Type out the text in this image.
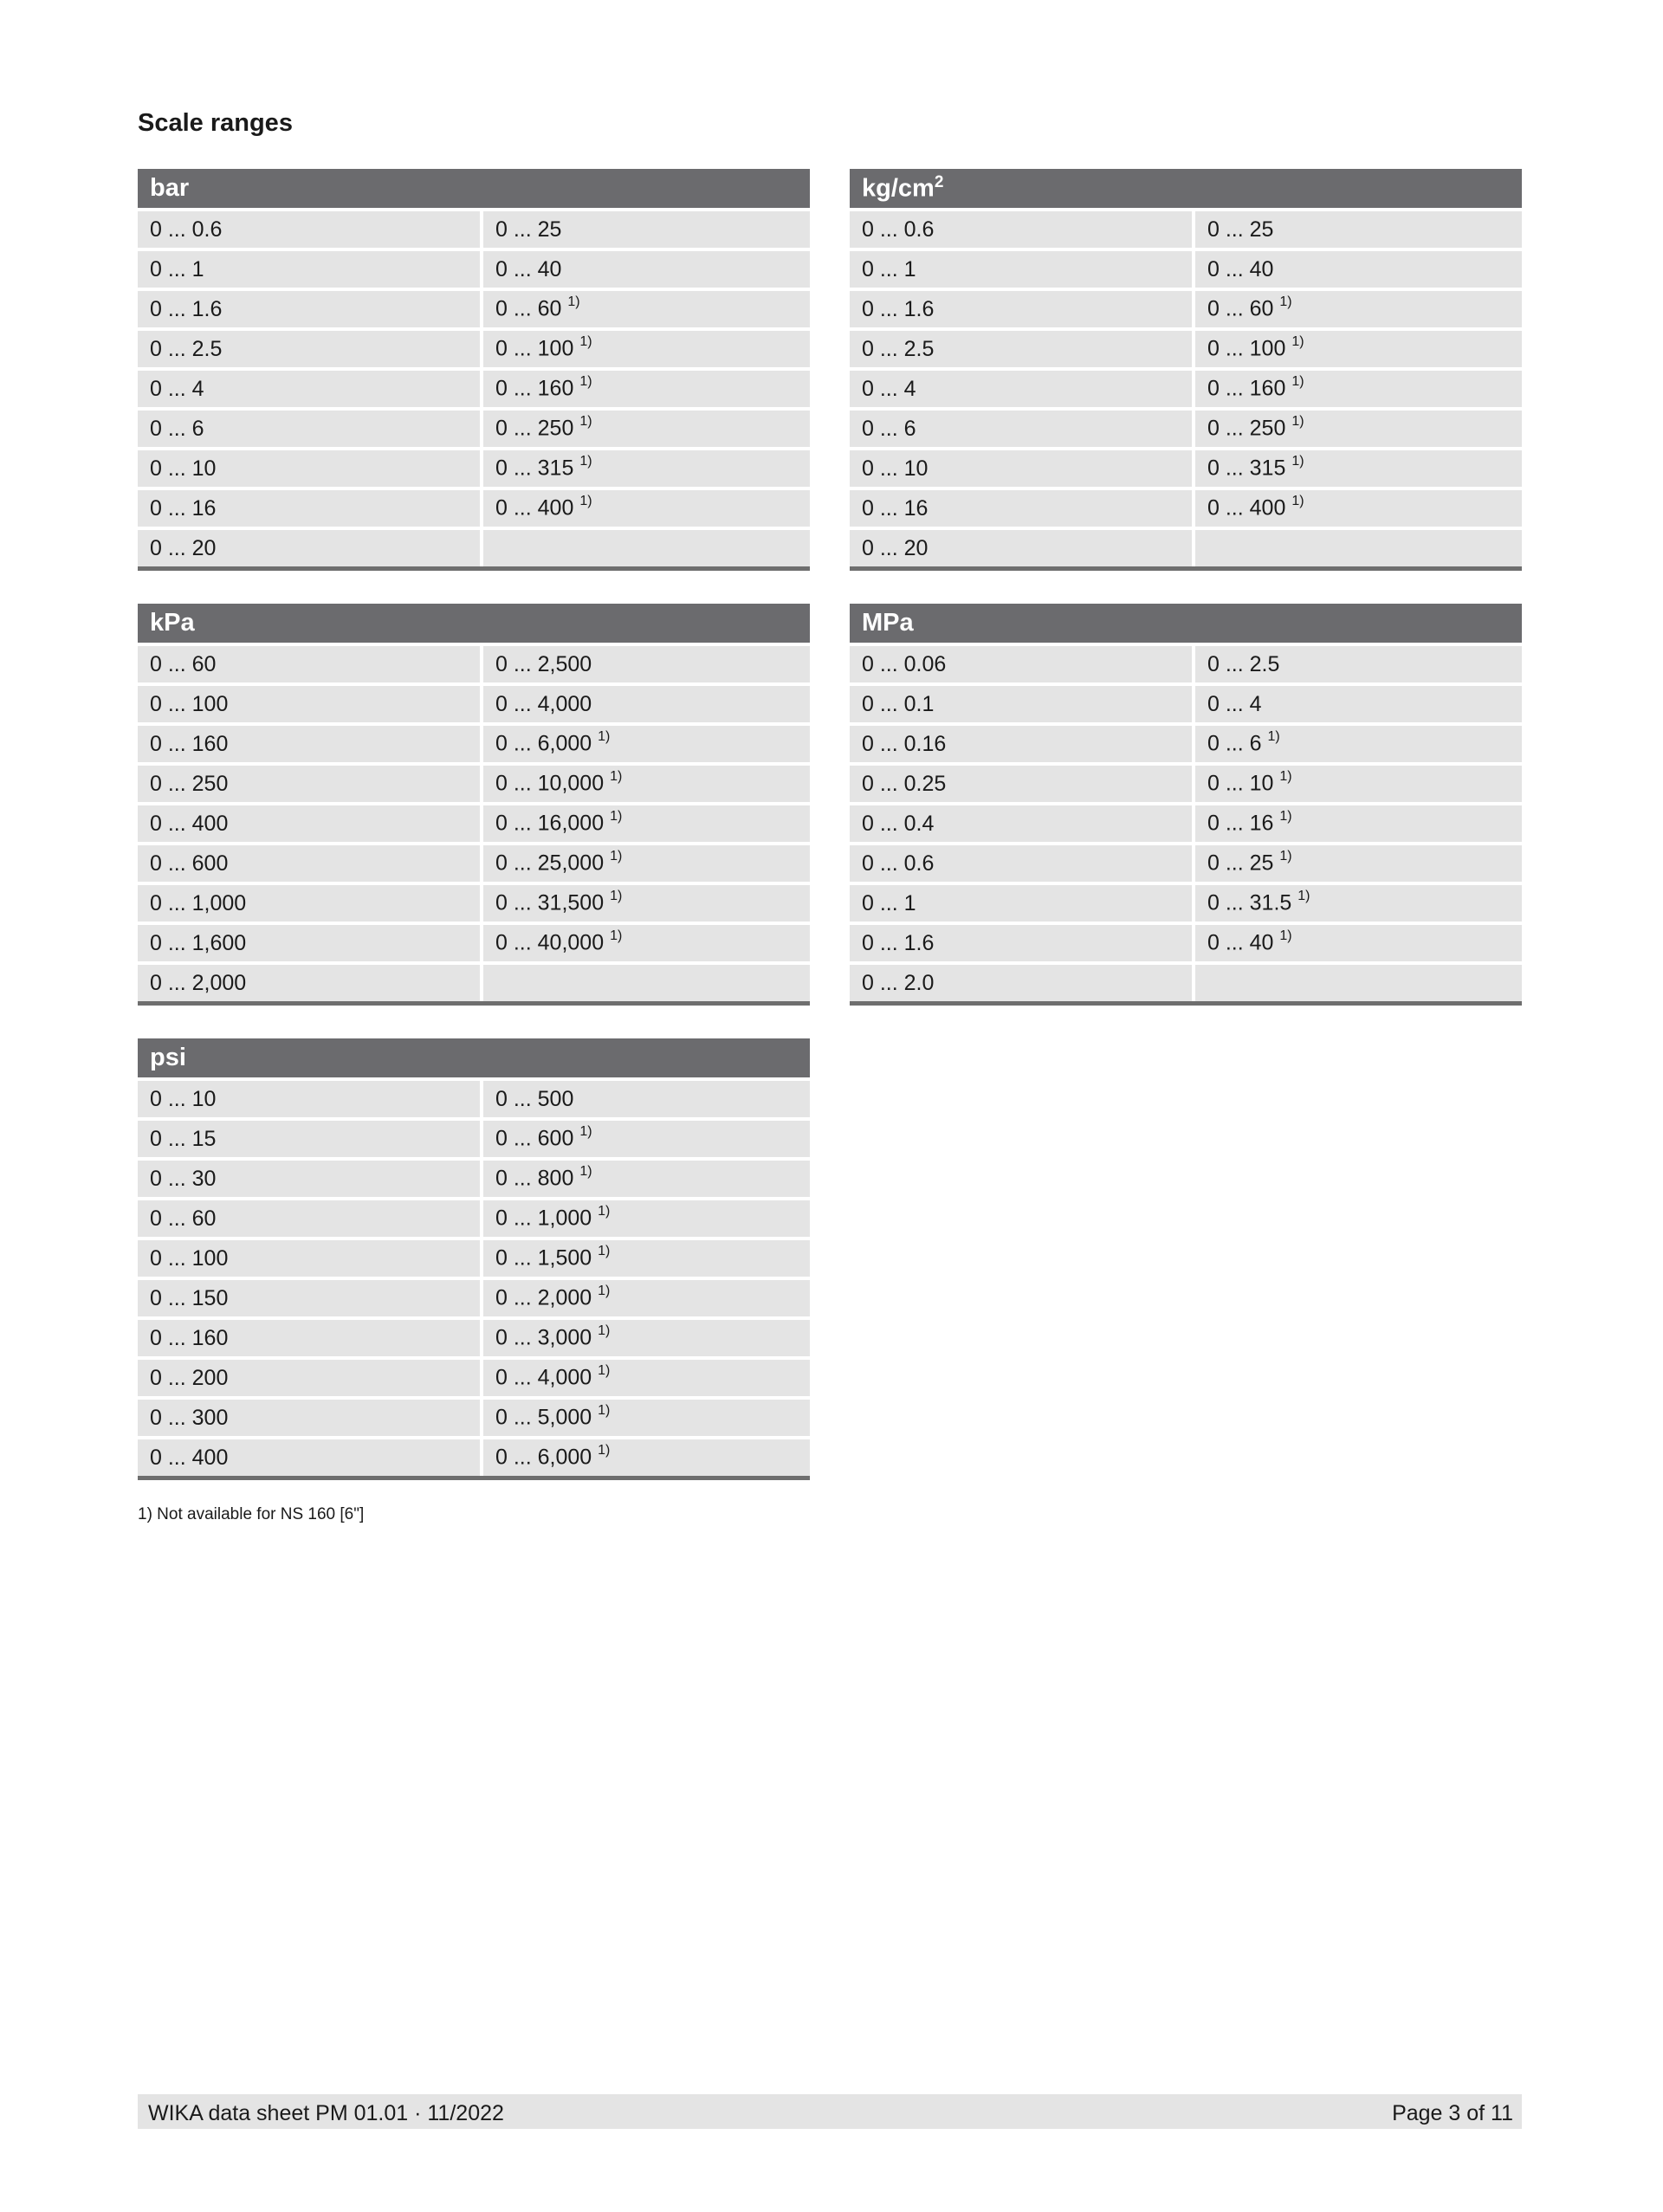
Scale ranges
bar	
0 ... 0.6	0 ... 25
0 ... 1	0 ... 40
0 ... 1.6	0 ... 60 $^{1)}$
0 ... 2.5	0 ... 100 $^{1)}$
0 ... 4	0 ... 160 $^{1)}$
0 ... 6	0 ... 250 $^{1)}$
0 ... 10	0 ... 315 $^{1)}$
0 ... 16	0 ... 400 $^{1)}$
0 ... 20	
$kg/cm^2$
0 ... 0.6	0 ... 25
0 ... 1	0 ... 40
0 ... 1.6	0 ... 60 $^{1)}$
0 ... 2.5	0 ... 100 $^{1)}$
0 ... 4	0 ... 160 $^{1)}$
0 ... 6	0 ... 250 $^{1)}$
0 ... 10	0 ... 315 $^{1)}$
0 ... 16	0 ... 400 $^{1)}$
0 ... 20	
kPa	
0 ... 60	0 ... 2,500
0 ... 100	0 ... 4,000
0 ... 160	0 ... 6,000 $^{1)}$
0 ... 250	0 ... 10,000 $^{1)}$
0 ... 400	0 ... 16,000 $^{1)}$
0 ... 600	0 ... 25,000 $^{1)}$
0 ... 1,000	0 ... 31,500 $^{1)}$
0 ... 1,600	0 ... 40,000 $^{1)}$
0 ... 2,000	
MPa	
0 ... 0.06	0 ... 2.5
0 ... 0.1	0 ... 4
0 ... 0.16	0 ... 6 $^{1)}$
0 ... 0.25	0 ... 10 $^{1)}$
0 ... 0.4	0 ... 16 $^{1)}$
0 ... 0.6	0 ... 25 $^{1)}$
0 ... 1	0 ... 31.5 $^{1)}$
0 ... 1.6	0 ... 40 $^{1)}$
0 ... 2.0	
psi	
0 ... 10	0 ... 500
0 ... 15	0 ... 600 $^{1)}$
0 ... 30	0 ... 800 $^{1)}$
0 ... 60	0 ... 1,000 $^{1)}$
0 ... 100	0 ... 1,500 $^{1)}$
0 ... 150	0 ... 2,000 $^{1)}$
0 ... 160	0 ... 3,000 $^{1)}$
0 ... 200	0 ... 4,000 $^{1)}$
0 ... 300	0 ... 5,000 $^{1)}$
0 ... 400	0 ... 6,000 $^{1)}$
1) Not available for NS 160 [6"]
WIKA data sheet PM 01.01 · 11/2022	Page 3 of 11
